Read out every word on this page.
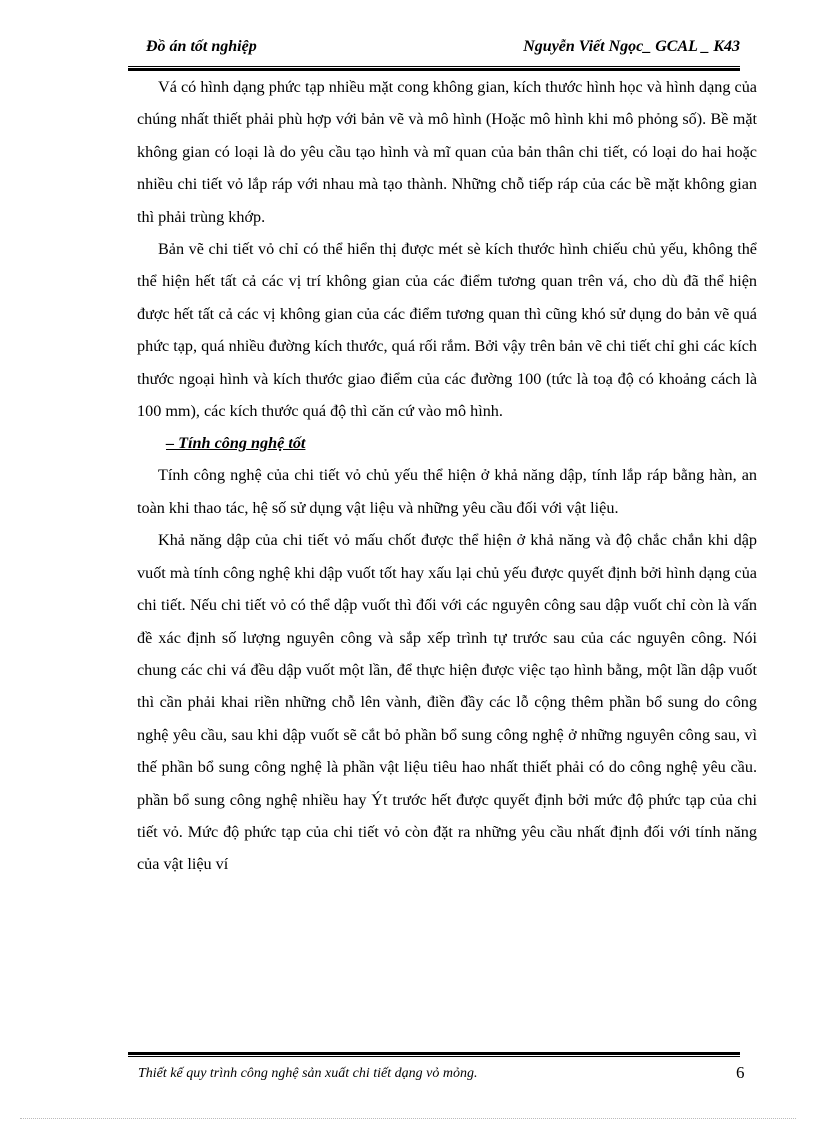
Đồ án tốt nghiệp	Nguyễn Viết Ngọc_ GCAL _ K43

Vá có hình dạng phức tạp nhiều mặt cong không gian, kích thước hình học và hình dạng của chúng nhất thiết phải phù hợp với bản vẽ và mô hình (Hoặc mô hình khi mô phỏng số). Bề mặt không gian có loại là do yêu cầu tạo hình và mĩ quan của bản thân chi tiết, có loại do hai hoặc nhiều chi tiết vỏ lắp ráp với nhau mà tạo thành. Những chỗ tiếp ráp của các bề mặt không gian thì phải trùng khớp.

Bản vẽ chi tiết vỏ chỉ có thể hiển thị được mét sè kích thước hình chiếu chủ yếu, không thể thể hiện hết tất cả các vị trí không gian của các điểm tương quan trên vá, cho dù đã thể hiện được hết tất cả các vị không gian của các điểm tương quan thì cũng khó sử dụng do bản vẽ quá phức tạp, quá nhiều đường kích thước, quá rối rắm. Bởi vậy trên bản vẽ chi tiết chỉ ghi các kích thước ngoại hình và kích thước giao điểm của các đường 100 (tức là toạ độ có khoảng cách là 100 mm), các kích thước quá độ thì căn cứ vào mô hình.

– Tính công nghệ tốt

Tính công nghệ của chi tiết vỏ chủ yếu thể hiện ở khả năng dập, tính lắp ráp bằng hàn, an toàn khi thao tác, hệ số sử dụng vật liệu và những yêu cầu đối với vật liệu.

Khả năng dập của chi tiết vỏ mấu chốt được thể hiện ở khả năng và độ chắc chắn khi dập vuốt mà tính công nghệ khi dập vuốt tốt hay xấu lại chủ yếu được quyết định bởi hình dạng của chi tiết. Nếu chi tiết vỏ có thể dập vuốt thì đối với các nguyên công sau dập vuốt chỉ còn là vấn đề xác định số lượng nguyên công và sắp xếp trình tự trước sau của các nguyên công. Nói chung các chi vá đều dập vuốt một lần, để thực hiện được việc tạo hình bằng, một lần dập vuốt thì cần phải khai riền những chỗ lên vành, điền đầy các lỗ cộng thêm phần bổ sung do công nghệ yêu cầu, sau khi dập vuốt sẽ cắt bỏ phần bổ sung công nghệ ở những nguyên công sau, vì thế phần bổ sung công nghệ là phần vật liệu tiêu hao nhất thiết phải có do công nghệ yêu cầu. phần bổ sung công nghệ nhiều hay Ýt trước hết được quyết định bởi mức độ phức tạp của chi tiết vỏ. Mức độ phức tạp của chi tiết vỏ còn đặt ra những yêu cầu nhất định đối với tính năng của vật liệu ví

Thiết kế quy trình công nghệ sản xuất chi tiết dạng vỏ mỏng.	6
